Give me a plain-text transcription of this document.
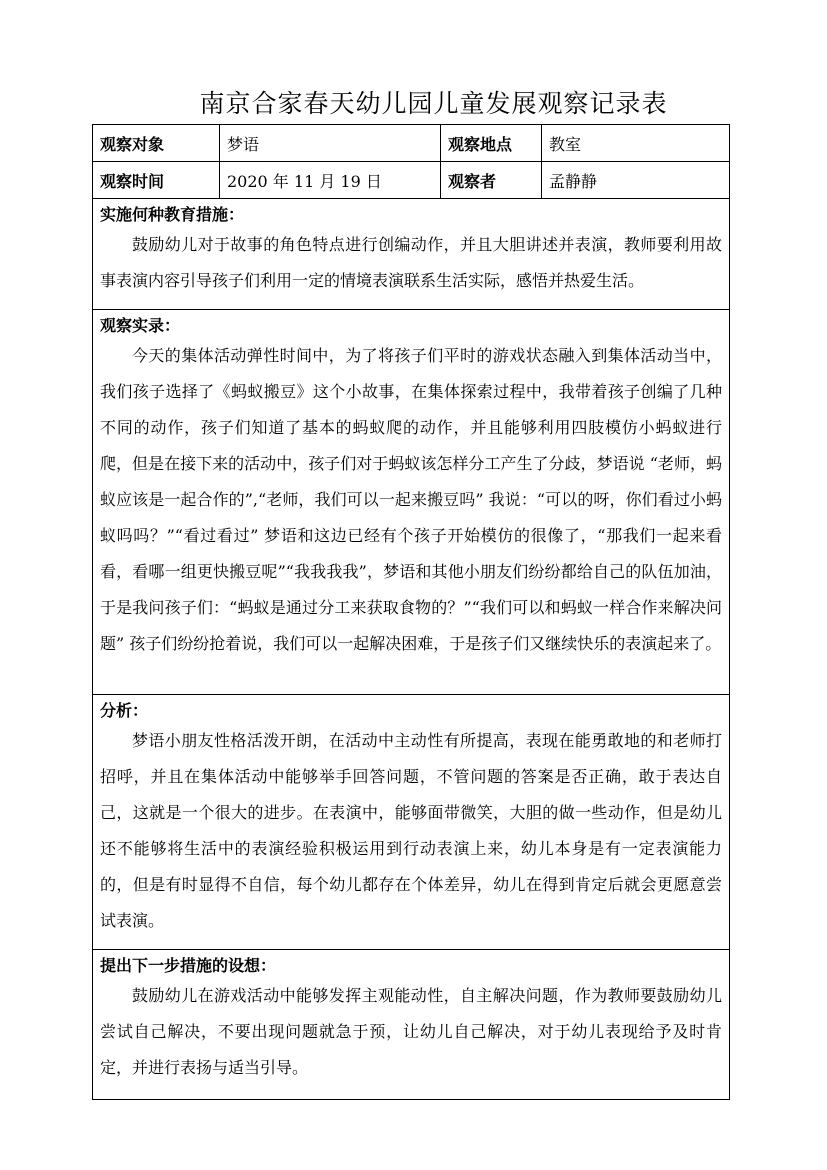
南京合家春天幼儿园儿童发展观察记录表
观察对象	梦语	观察地点	教室
观察时间	2020 年 11 月 19 日	观察者	孟静静

实施何种教育措施：

鼓励幼儿对于故事的角色特点进行创编动作，并且大胆讲述并表演，教师要利用故事表演内容引导孩子们利用一定的情境表演联系生活实际，感悟并热爱生活。			

观察实录：

今天的集体活动弹性时间中，为了将孩子们平时的游戏状态融入到集体活动当中，我们孩子选择了《蚂蚁搬豆》这个小故事，在集体探索过程中，我带着孩子创编了几种不同的动作，孩子们知道了基本的蚂蚁爬的动作，并且能够利用四肢模仿小蚂蚁进行爬，但是在接下来的活动中，孩子们对于蚂蚁该怎样分工产生了分歧，梦语说 “老师，蚂蚁应该是一起合作的”,“老师，我们可以一起来搬豆吗” 我说：“可以的呀，你们看过小蚂蚁吗吗？”“看过看过” 梦语和这边已经有个孩子开始模仿的很像了，“那我们一起来看看，看哪一组更快搬豆呢”“我我我我”，梦语和其他小朋友们纷纷都给自己的队伍加油，于是我问孩子们：“蚂蚁是通过分工来获取食物的？”“我们可以和蚂蚁一样合作来解决问题” 孩子们纷纷抢着说，我们可以一起解决困难，于是孩子们又继续快乐的表演起来了。			

分析：

梦语小朋友性格活泼开朗，在活动中主动性有所提高，表现在能勇敢地的和老师打招呼，并且在集体活动中能够举手回答问题，不管问题的答案是否正确，敢于表达自己，这就是一个很大的进步。在表演中，能够面带微笑，大胆的做一些动作，但是幼儿还不能够将生活中的表演经验积极运用到行动表演上来，幼儿本身是有一定表演能力的，但是有时显得不自信，每个幼儿都存在个体差异，幼儿在得到肯定后就会更愿意尝试表演。			

提出下一步措施的设想：

鼓励幼儿在游戏活动中能够发挥主观能动性，自主解决问题，作为教师要鼓励幼儿尝试自己解决，不要出现问题就急于预，让幼儿自己解决，对于幼儿表现给予及时肯定，并进行表扬与适当引导。			
